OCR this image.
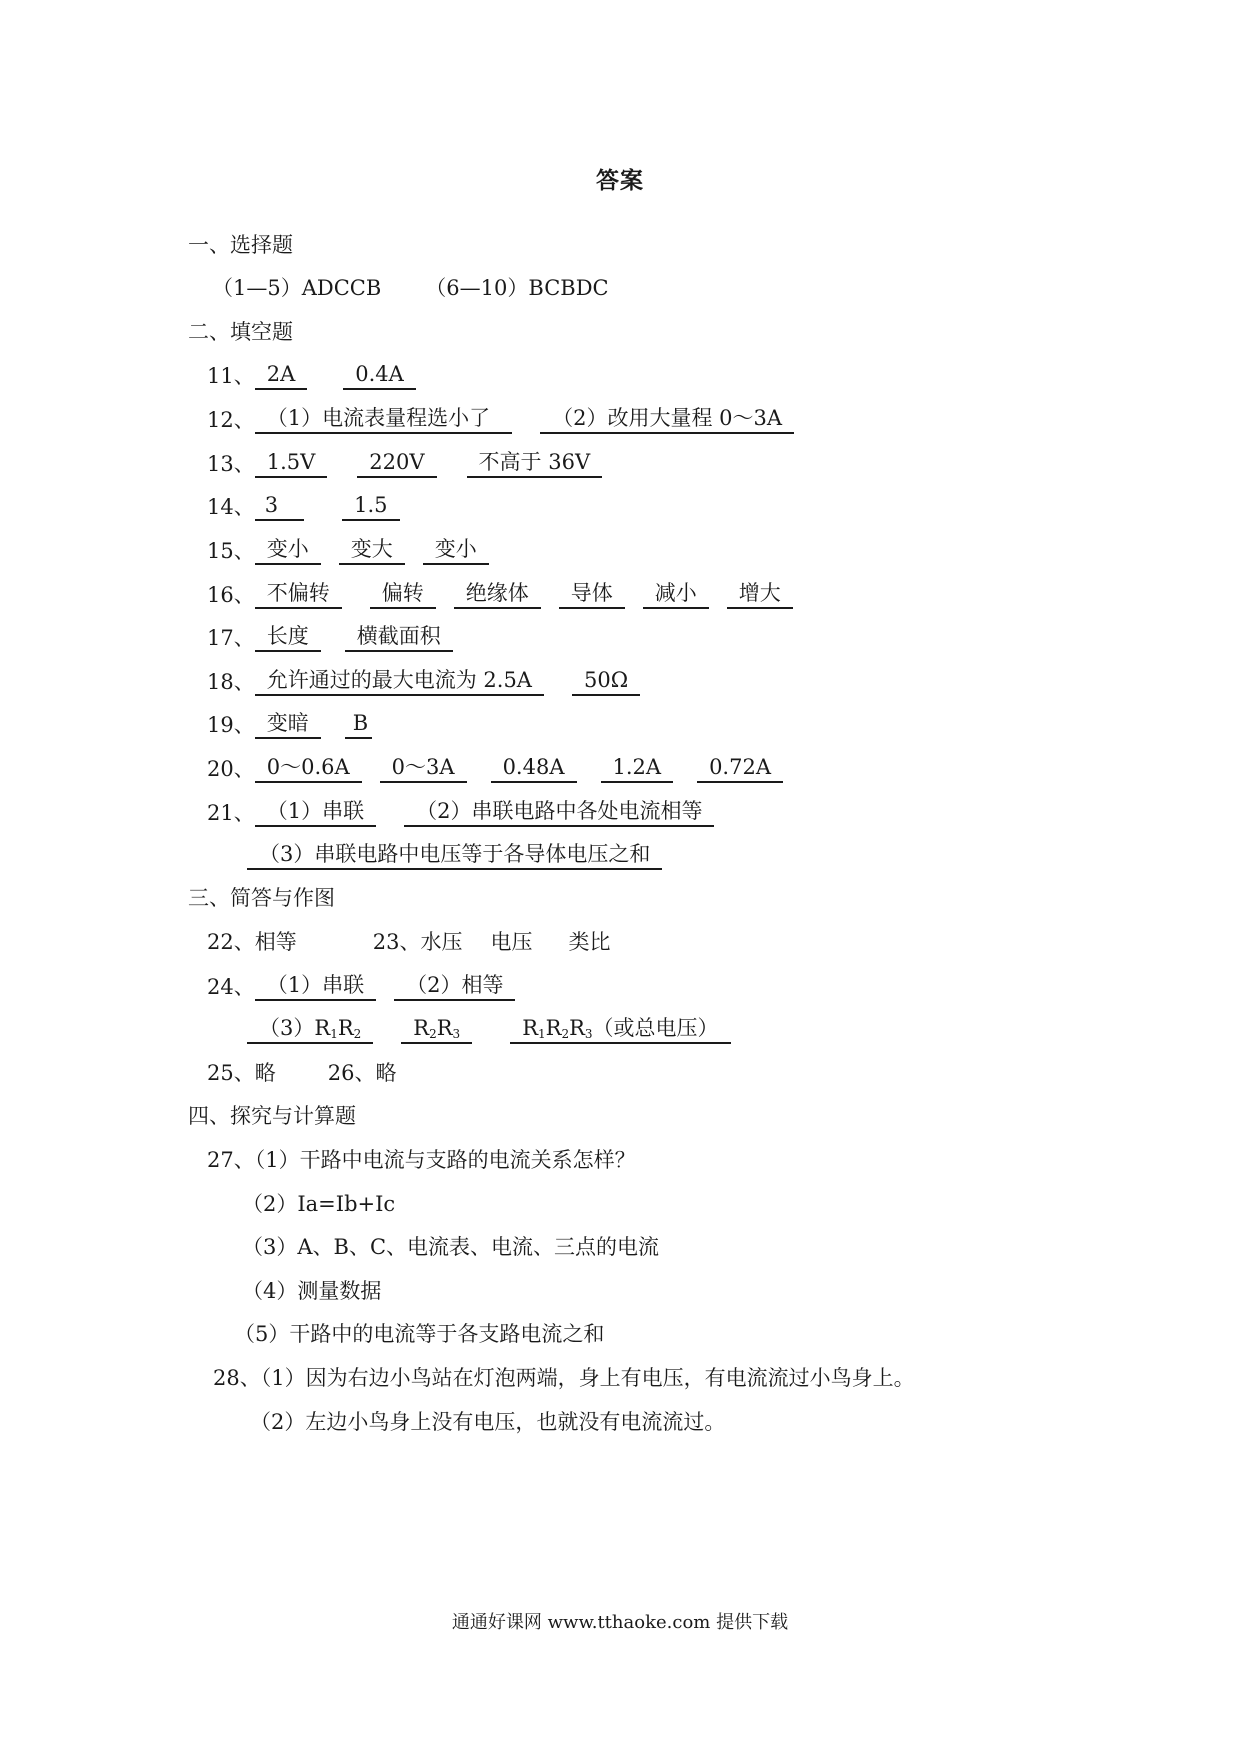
答案
一、选择题
（1—5）ADCCB （6—10）BCBDC
二、填空题
11、 2A	0.4A
12、 （1）电流表量程选小了	（2）改用大量程 0～3A
13、 1.5V	220V	不高于 36V
14、 3	1.5
15、 变小	变大	变小
16、 不偏转	偏转	绝缘体	导体	减小	增大
17、 长度	横截面积
18、 允许通过的最大电流为 2.5A	50Ω
19、 变暗	B
20、 0～0.6A	0～3A	0.48A	1.2A	0.72A
21、 （1）串联	（2）串联电路中各处电流相等
（3）串联电路中电压等于各导体电压之和
三、简答与作图
22、相等	23、水压 电压 类比
24、 （1）串联	（2）相等
$(3)R_1R_2$	$R_2R_3$	$R_1R_2R_3$（或总电压）
25、略 26、略
四、探究与计算题
27、（1）干路中电流与支路的电流关系怎样？
（2）Ia=Ib+Ic
（3）A、B、C、电流表、电流、三点的电流
（4）测量数据
（5）干路中的电流等于各支路电流之和
28、（1）因为右边小鸟站在灯泡两端，身上有电压，有电流流过小鸟身上。
（2）左边小鸟身上没有电压，也就没有电流流过。
通通好课网 www.tthaoke.com 提供下载
